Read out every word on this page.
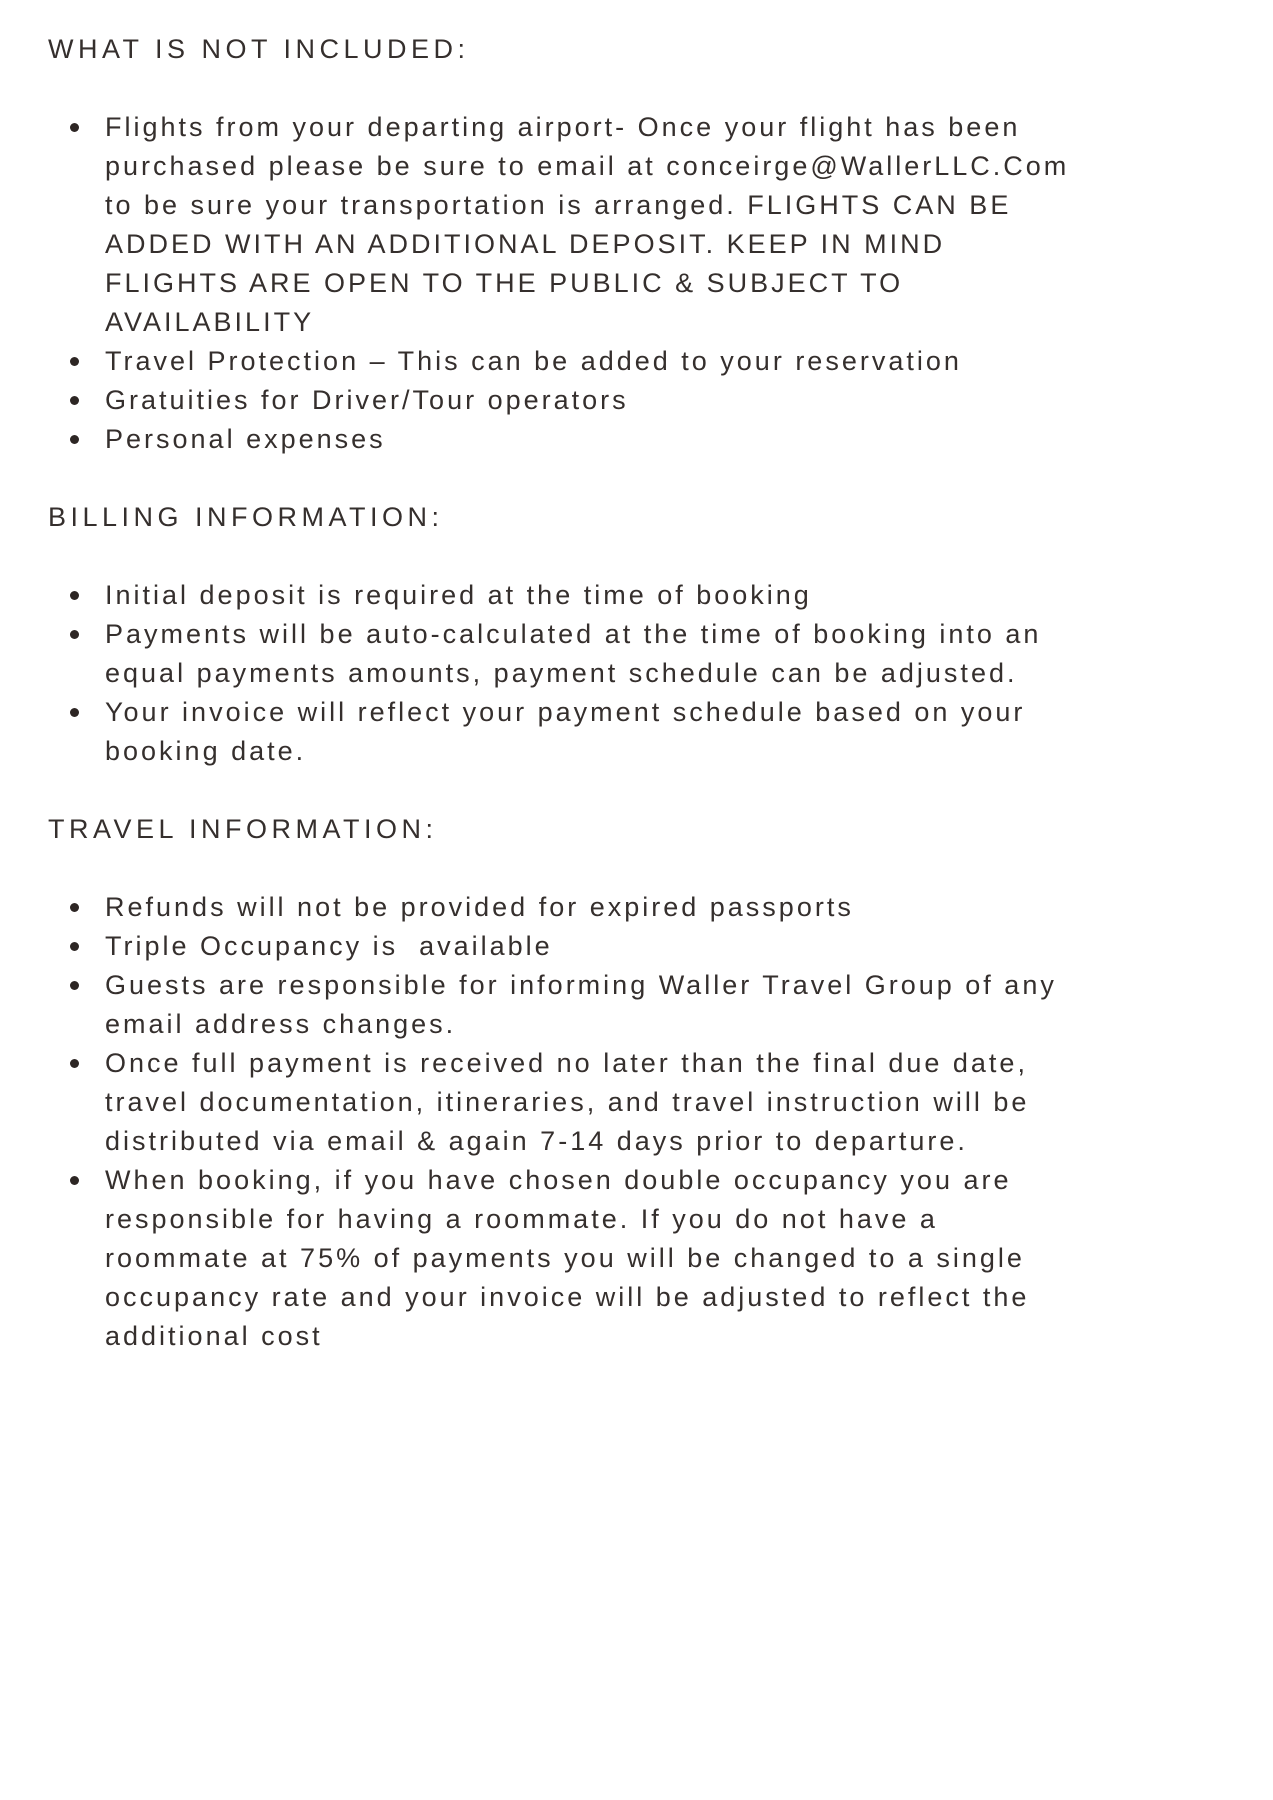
WHAT IS NOT INCLUDED:
Flights from your departing airport- Once your flight has been purchased please be sure to email at conceirge@WallerLLC.Com to be sure your transportation is arranged. FLIGHTS CAN BE ADDED WITH AN ADDITIONAL DEPOSIT. KEEP IN MIND FLIGHTS ARE OPEN TO THE PUBLIC & SUBJECT TO AVAILABILITY
Travel Protection – This can be added to your reservation
Gratuities for Driver/Tour operators
Personal expenses
BILLING INFORMATION:
Initial deposit is required at the time of booking
Payments will be auto-calculated at the time of booking into an equal payments amounts, payment schedule can be adjusted.
Your invoice will reflect your payment schedule based on your booking date.
TRAVEL INFORMATION:
Refunds will not be provided for expired passports
Triple Occupancy is  available
Guests are responsible for informing Waller Travel Group of any email address changes.
Once full payment is received no later than the final due date, travel documentation, itineraries, and travel instruction will be distributed via email & again 7-14 days prior to departure.
When booking, if you have chosen double occupancy you are responsible for having a roommate. If you do not have a roommate at 75% of payments you will be changed to a single occupancy rate and your invoice will be adjusted to reflect the additional cost
